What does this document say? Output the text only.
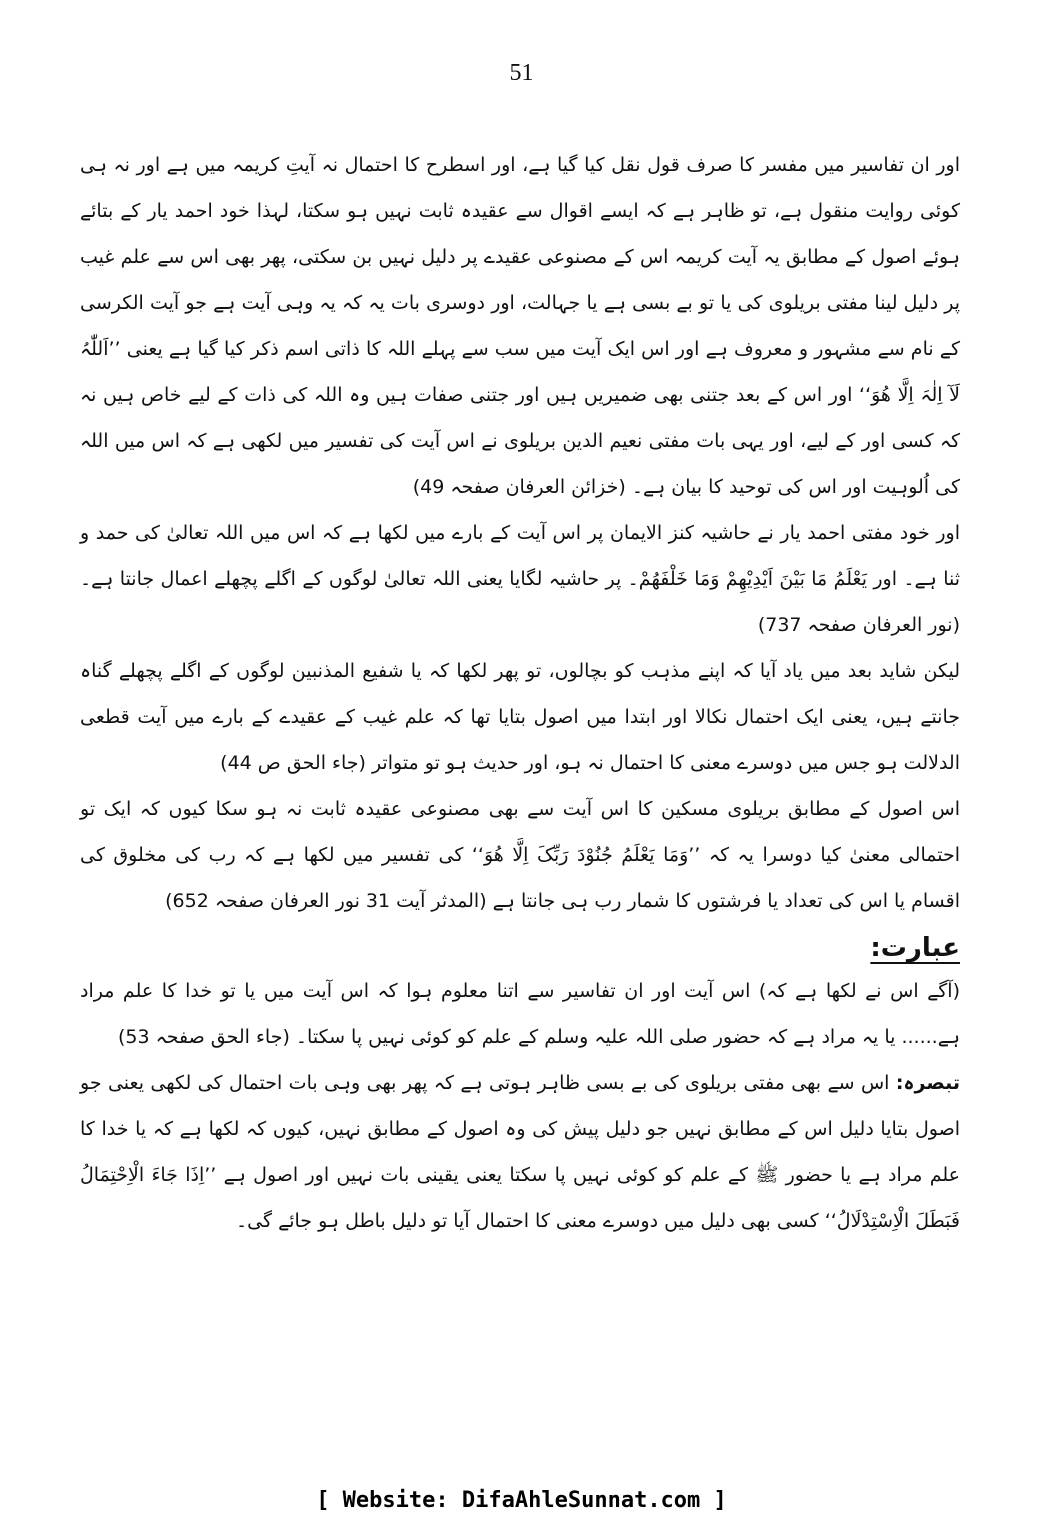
51

اور ان تفاسیر میں مفسر کا صرف قول نقل کیا گیا ہے، اور اسطرح کا احتمال نہ آیتِ کریمہ میں ہے اور نہ ہی کوئی روایت منقول ہے، تو ظاہر ہے کہ ایسے اقوال سے عقیدہ ثابت نہیں ہو سکتا، لہذا خود احمد یار کے بتائے ہوئے اصول کے مطابق یہ آیت کریمہ اس کے مصنوعی عقیدے پر دلیل نہیں بن سکتی، پھر بھی اس سے علم غیب پر دلیل لینا مفتی بریلوی کی یا تو بے بسی ہے یا جہالت، اور دوسری بات یہ کہ یہ وہی آیت ہے جو آیت الکرسی کے نام سے مشہور و معروف ہے اور اس ایک آیت میں سب سے پہلے اللہ کا ذاتی اسم ذکر کیا گیا ہے یعنی ’’اَللّٰہُ لَآ اِلٰہَ اِلَّا ھُوَ‘‘ اور اس کے بعد جتنی بھی ضمیریں ہیں اور جتنی صفات ہیں وہ اللہ کی ذات کے لیے خاص ہیں نہ کہ کسی اور کے لیے، اور یہی بات مفتی نعیم الدین بریلوی نے اس آیت کی تفسیر میں لکھی ہے کہ اس میں اللہ کی اُلوہیت اور اس کی توحید کا بیان ہے۔ (خزائن العرفان صفحہ 49)

اور خود مفتی احمد یار نے حاشیہ کنز الایمان پر اس آیت کے بارے میں لکھا ہے کہ اس میں اللہ تعالیٰ کی حمد و ثنا ہے۔ اور یَعْلَمُ مَا بَیْنَ اَیْدِیْھِمْ وَمَا خَلْفَھُمْ۔ پر حاشیہ لگایا یعنی اللہ تعالیٰ لوگوں کے اگلے پچھلے اعمال جانتا ہے۔ (نور العرفان صفحہ 737)

لیکن شاید بعد میں یاد آیا کہ اپنے مذہب کو بچالوں، تو پھر لکھا کہ یا شفیع المذنبین لوگوں کے اگلے پچھلے گناہ جانتے ہیں، یعنی ایک احتمال نکالا اور ابتدا میں اصول بتایا تھا کہ علم غیب کے عقیدے کے بارے میں آیت قطعی الدلالت ہو جس میں دوسرے معنی کا احتمال نہ ہو، اور حدیث ہو تو متواتر (جاء الحق ص 44)

اس اصول کے مطابق بریلوی مسکین کا اس آیت سے بھی مصنوعی عقیدہ ثابت نہ ہو سکا کیوں کہ ایک تو احتمالی معنیٰ کیا دوسرا یہ کہ ’’وَمَا یَعْلَمُ جُنُوْدَ رَبِّکَ اِلَّا ھُوَ‘‘ کی تفسیر میں لکھا ہے کہ رب کی مخلوق کی اقسام یا اس کی تعداد یا فرشتوں کا شمار رب ہی جانتا ہے (المدثر آیت 31 نور العرفان صفحہ 652)

عبارت:

(آگے اس نے لکھا ہے کہ) اس آیت اور ان تفاسیر سے اتنا معلوم ہوا کہ اس آیت میں یا تو خدا کا علم مراد ہے...... یا یہ مراد ہے کہ حضور صلی اللہ علیہ وسلم کے علم کو کوئی نہیں پا سکتا۔ (جاء الحق صفحہ 53)

تبصرہ: اس سے بھی مفتی بریلوی کی بے بسی ظاہر ہوتی ہے کہ پھر بھی وہی بات احتمال کی لکھی یعنی جو اصول بتایا دلیل اس کے مطابق نہیں جو دلیل پیش کی وہ اصول کے مطابق نہیں، کیوں کہ لکھا ہے کہ یا خدا کا علم مراد ہے یا حضور ﷺ کے علم کو کوئی نہیں پا سکتا یعنی یقینی بات نہیں اور اصول ہے ’’اِذَا جَاءَ الْاِحْتِمَالُ فَبَطَلَ الْاِسْتِدْلَالُ‘‘ کسی بھی دلیل میں دوسرے معنی کا احتمال آیا تو دلیل باطل ہو جائے گی۔

[ Website: DifaAhleSunnat.com ]
